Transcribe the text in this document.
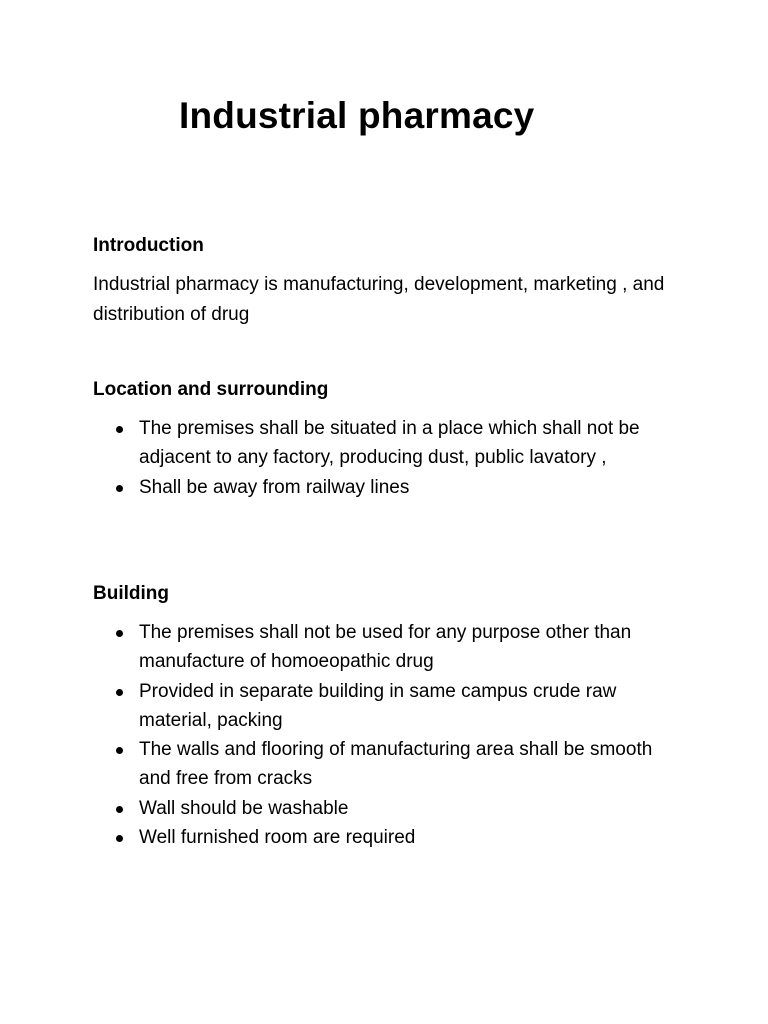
Industrial pharmacy
Introduction

Industrial pharmacy is manufacturing, development, marketing , and distribution of drug

Location and surrounding
The premises shall be situated in a place which shall not be adjacent to any factory, producing dust, public lavatory ,
Shall be away from railway lines
Building
The premises shall not be used for any purpose other than manufacture of homoeopathic drug
Provided in separate building in same campus crude raw material, packing
The walls and flooring of manufacturing area shall be smooth and free from cracks
Wall should be washable
Well furnished room are required
